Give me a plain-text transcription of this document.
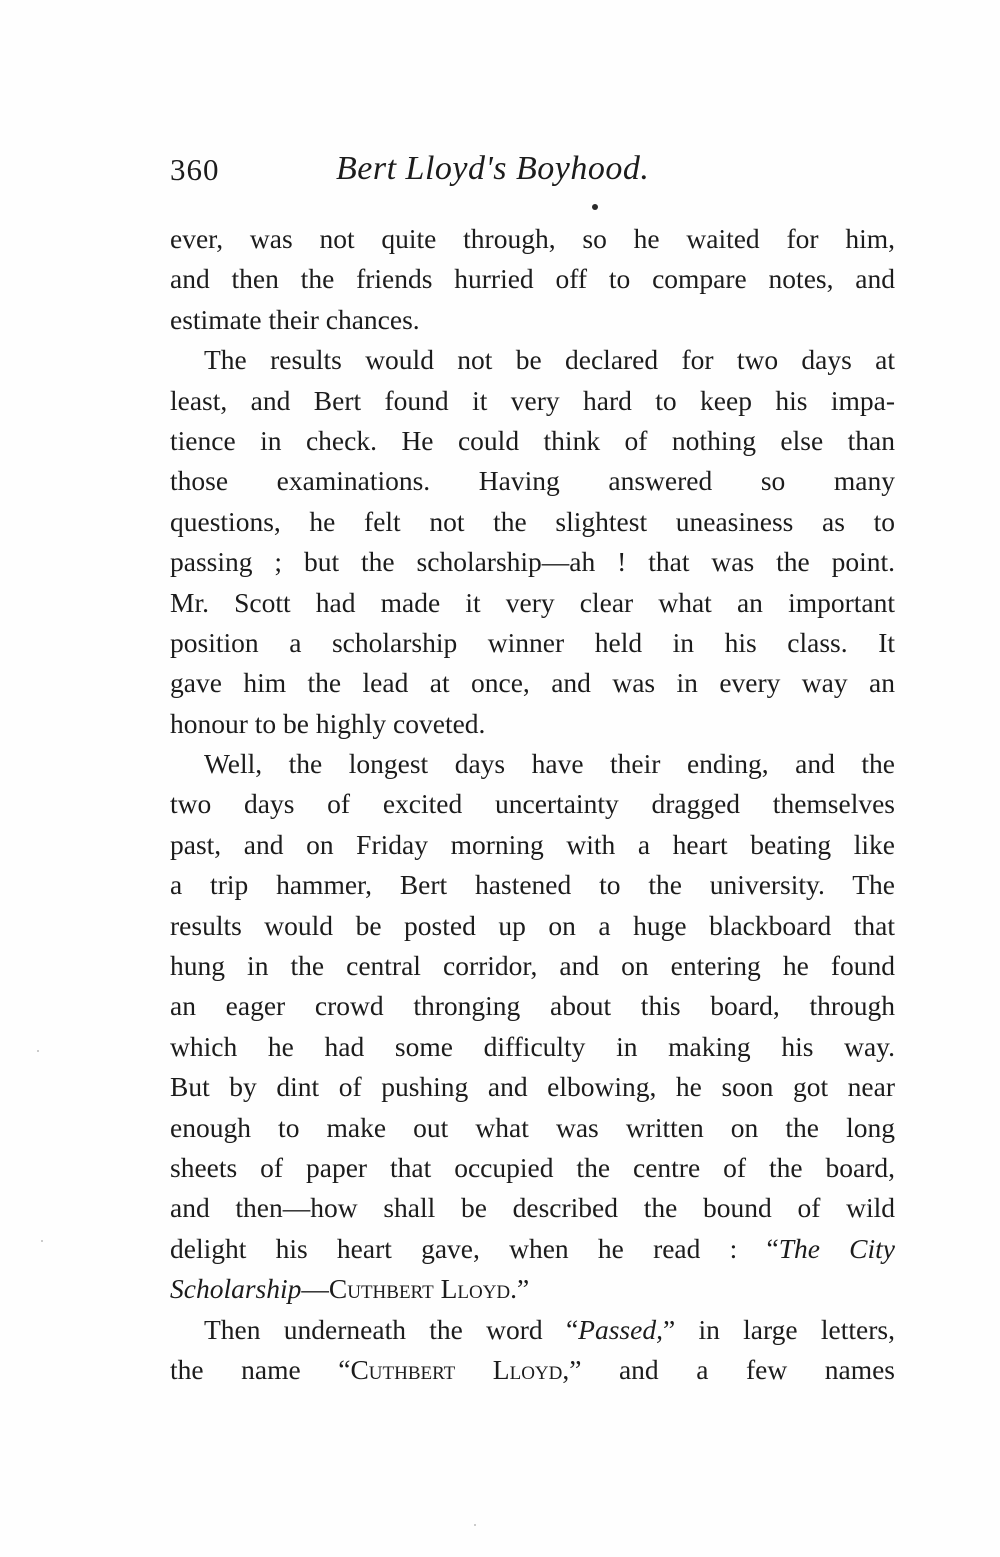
360	Bert Lloyd's Boyhood.
ever, was not quite through, so he waited for him,
and then the friends hurried off to compare notes, and
estimate their chances.
The results would not be declared for two days at
least, and Bert found it very hard to keep his impa-
tience in check. He could think of nothing else than
those examinations. Having answered so many
questions, he felt not the slightest uneasiness as to
passing ; but the scholarship—ah ! that was the point.
Mr. Scott had made it very clear what an important
position a scholarship winner held in his class. It
gave him the lead at once, and was in every way an
honour to be highly coveted.
Well, the longest days have their ending, and the
two days of excited uncertainty dragged themselves
past, and on Friday morning with a heart beating like
a trip hammer, Bert hastened to the university. The
results would be posted up on a huge blackboard that
hung in the central corridor, and on entering he found
an eager crowd thronging about this board, through
which he had some difficulty in making his way.
But by dint of pushing and elbowing, he soon got near
enough to make out what was written on the long
sheets of paper that occupied the centre of the board,
and then—how shall be described the bound of wild
delight his heart gave, when he read : “The City
Scholarship—Cuthbert Lloyd.”
Then underneath the word “Passed,” in large letters,
the name “Cuthbert Lloyd,” and a few names
